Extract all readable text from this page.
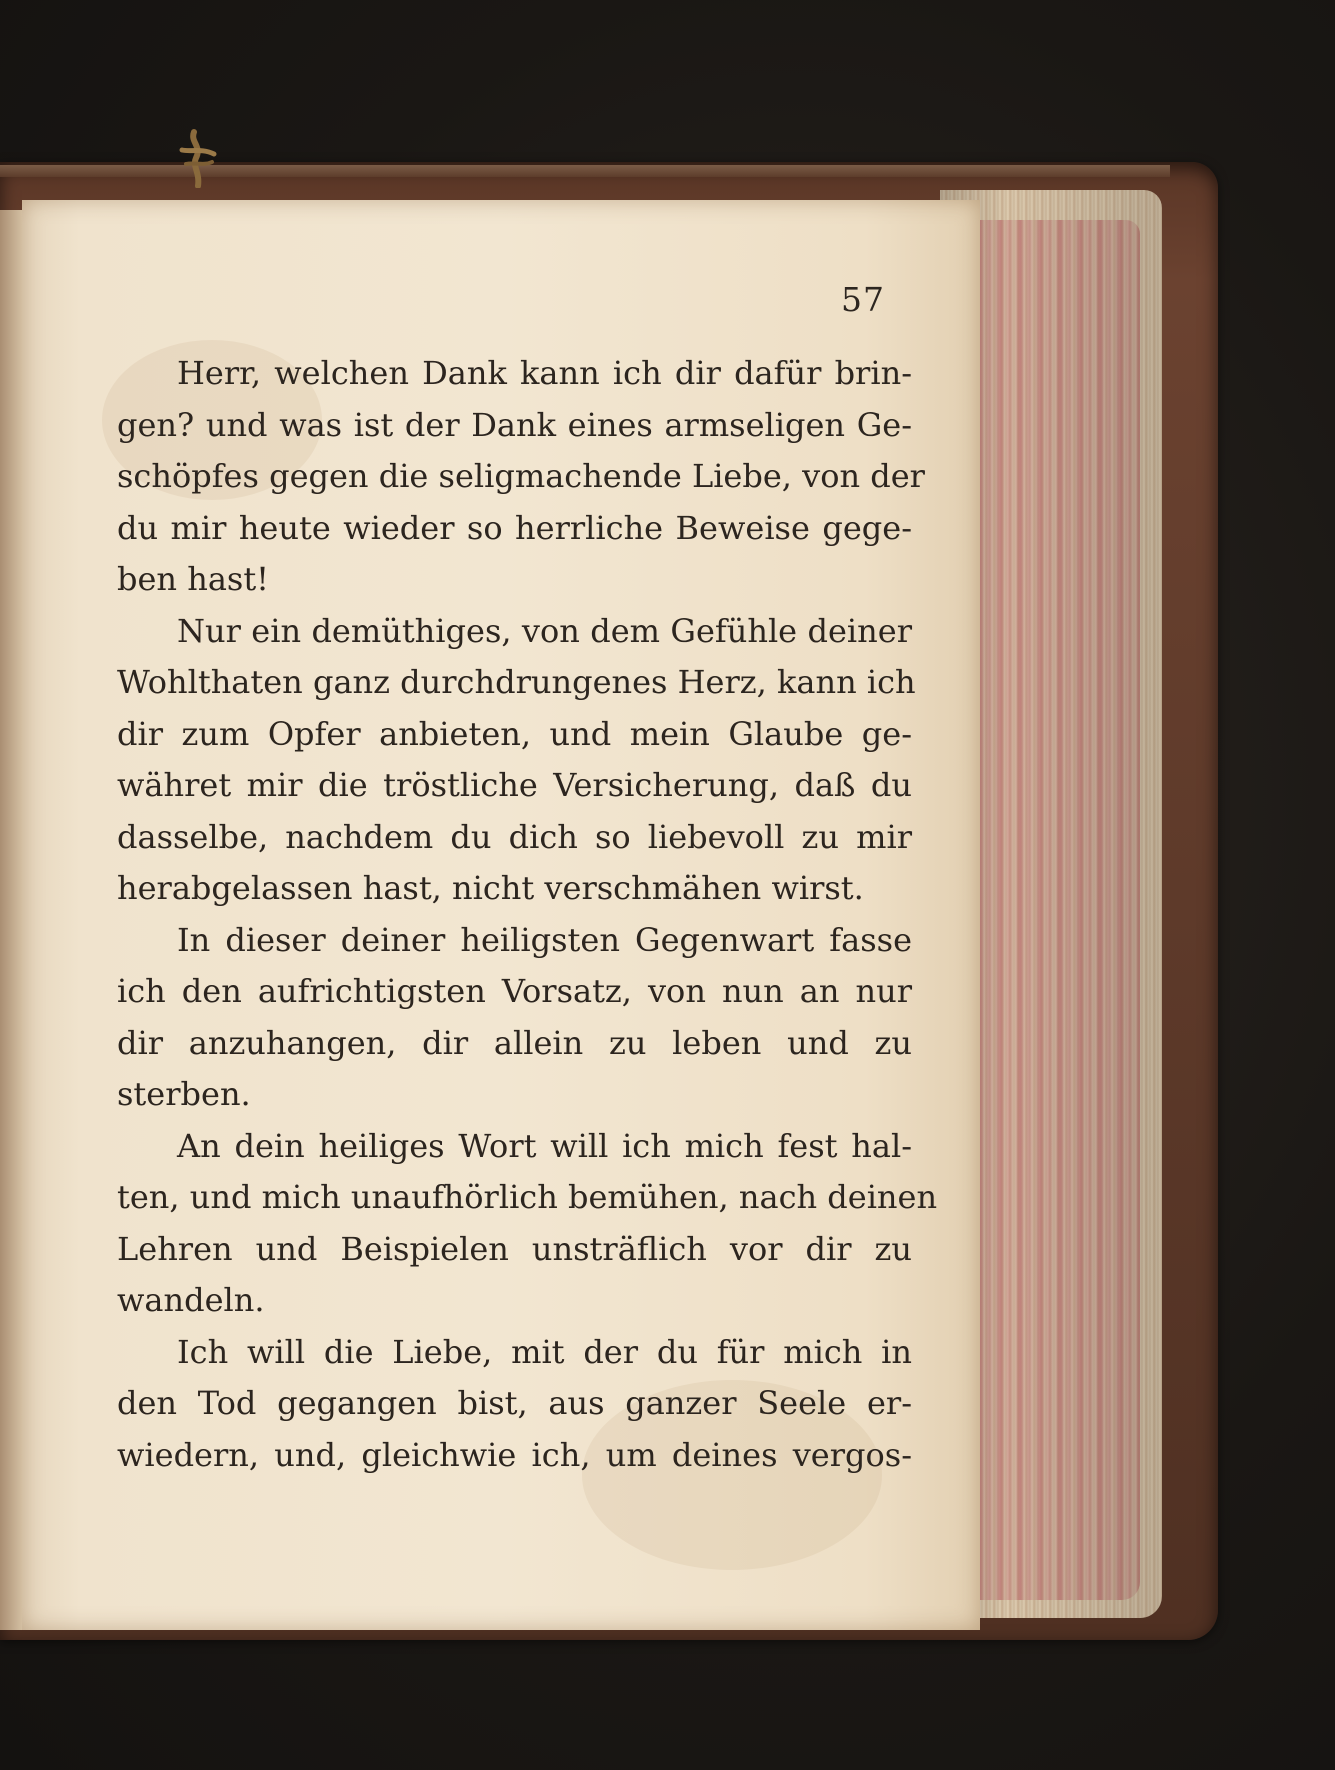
57
Herr, welchen Dank kann ich dir dafür brin-
gen? und was ist der Dank eines armseligen Ge-
schöpfes gegen die seligmachende Liebe, von der
du mir heute wieder so herrliche Beweise gege-
ben hast!
Nur ein demüthiges, von dem Gefühle deiner
Wohlthaten ganz durchdrungenes Herz, kann ich
dir zum Opfer anbieten, und mein Glaube ge-
währet mir die tröstliche Versicherung, daß du
dasselbe, nachdem du dich so liebevoll zu mir
herabgelassen hast, nicht verschmähen wirst.
In dieser deiner heiligsten Gegenwart fasse
ich den aufrichtigsten Vorsatz, von nun an nur
dir anzuhangen, dir allein zu leben und zu
sterben.
An dein heiliges Wort will ich mich fest hal-
ten, und mich unaufhörlich bemühen, nach deinen
Lehren und Beispielen unsträflich vor dir zu
wandeln.
Ich will die Liebe, mit der du für mich in
den Tod gegangen bist, aus ganzer Seele er-
wiedern, und, gleichwie ich, um deines vergos-
